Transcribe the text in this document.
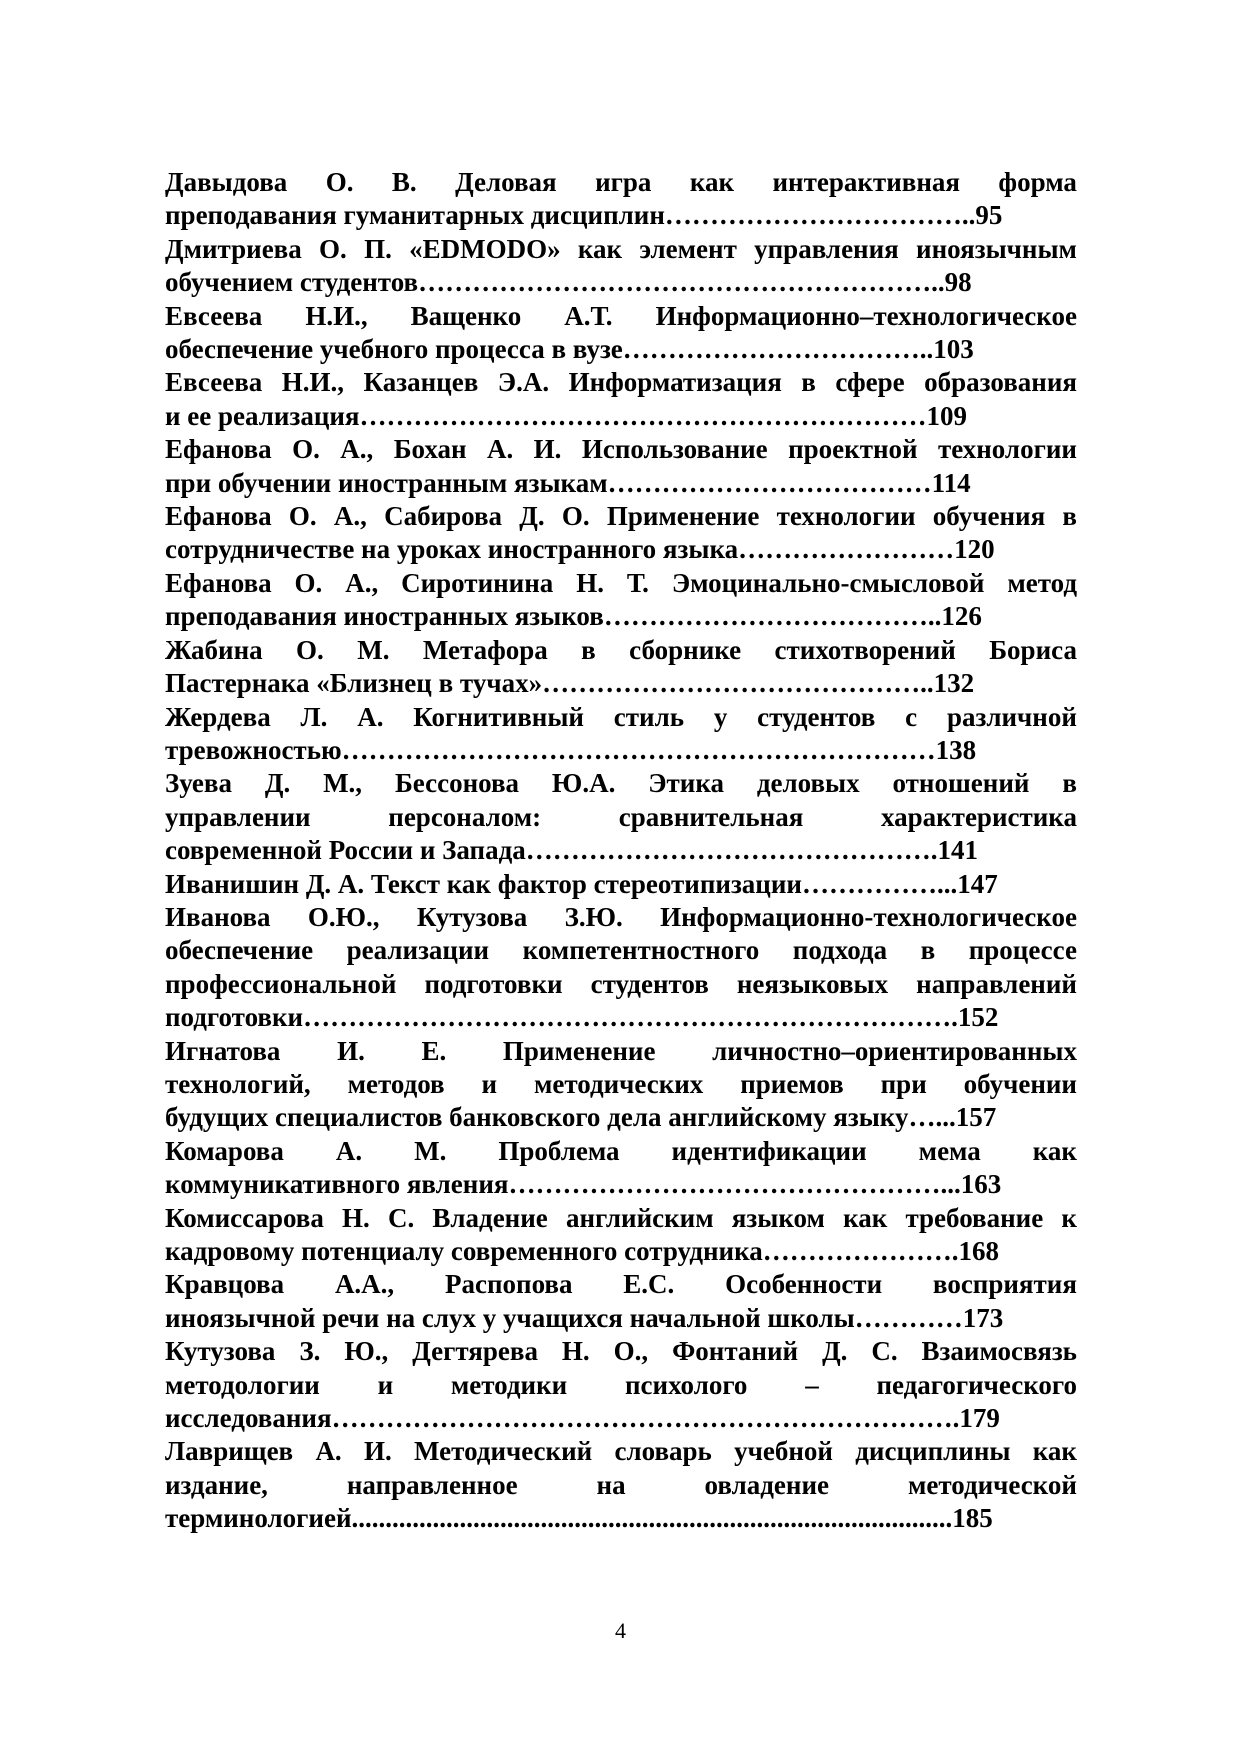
Давыдова О. В. Деловая игра как интерактивная форма
преподавания гуманитарных дисциплин……………………………..95
Дмитриева О. П. «EDMODO» как элемент управления иноязычным
обучением студентов…………………………………………………..98
Евсеева Н.И., Ващенко А.Т. Информационно–технологическое
обеспечение учебного процесса в вузе……………………………..103
Евсеева Н.И., Казанцев Э.А. Информатизация в сфере образования
и ее реализация………………………………………………………109
Ефанова О. А., Бохан А. И. Использование проектной технологии
при обучении иностранным языкам………………………………114
Ефанова О. А., Сабирова Д. О. Применение технологии обучения в
сотрудничестве на уроках иностранного языка……………………120
Ефанова О. А., Сиротинина Н. Т. Эмоцинально-смысловой метод
преподавания иностранных языков………………………………..126
Жабина О. М. Метафора в сборнике стихотворений Бориса
Пастернака «Близнец в тучах»……………………………………..132
Жердева Л. А. Когнитивный стиль у студентов с различной
тревожностью…………………………………………………………138
Зуева Д. М., Бессонова Ю.А. Этика деловых отношений в
управлении	персоналом:	сравнительная	характеристика
современной России и Запада……………………………………….141
Иванишин Д. А. Текст как фактор стереотипизации……………...147
Иванова О.Ю., Кутузова З.Ю. Информационно-технологическое
обеспечение реализации компетентностного подхода в процессе
профессиональной подготовки студентов неязыковых направлений
подготовки……………………………………………………………….152
Игнатова И. Е. Применение личностно–ориентированных
технологий, методов и методических приемов при обучении
будущих специалистов банковского дела английскому языку…...157
Комарова А. М. Проблема идентификации мема как
коммуникативного явления…………………………………………...163
Комиссарова Н. С. Владение английским языком как требование к
кадровому потенциалу современного сотрудника………………….168
Кравцова А.А., Распопова Е.С. Особенности восприятия
иноязычной речи на слух у учащихся начальной школы…………173
Кутузова З. Ю., Дегтярева Н. О., Фонтаний Д. С. Взаимосвязь
методологии и методики психолого – педагогического
исследования…………………………………………………………….179
Лаврищев А. И. Методический словарь учебной дисциплины как
издание,	направленное	на	овладение	методической
терминологией.........................................................................................185
4
